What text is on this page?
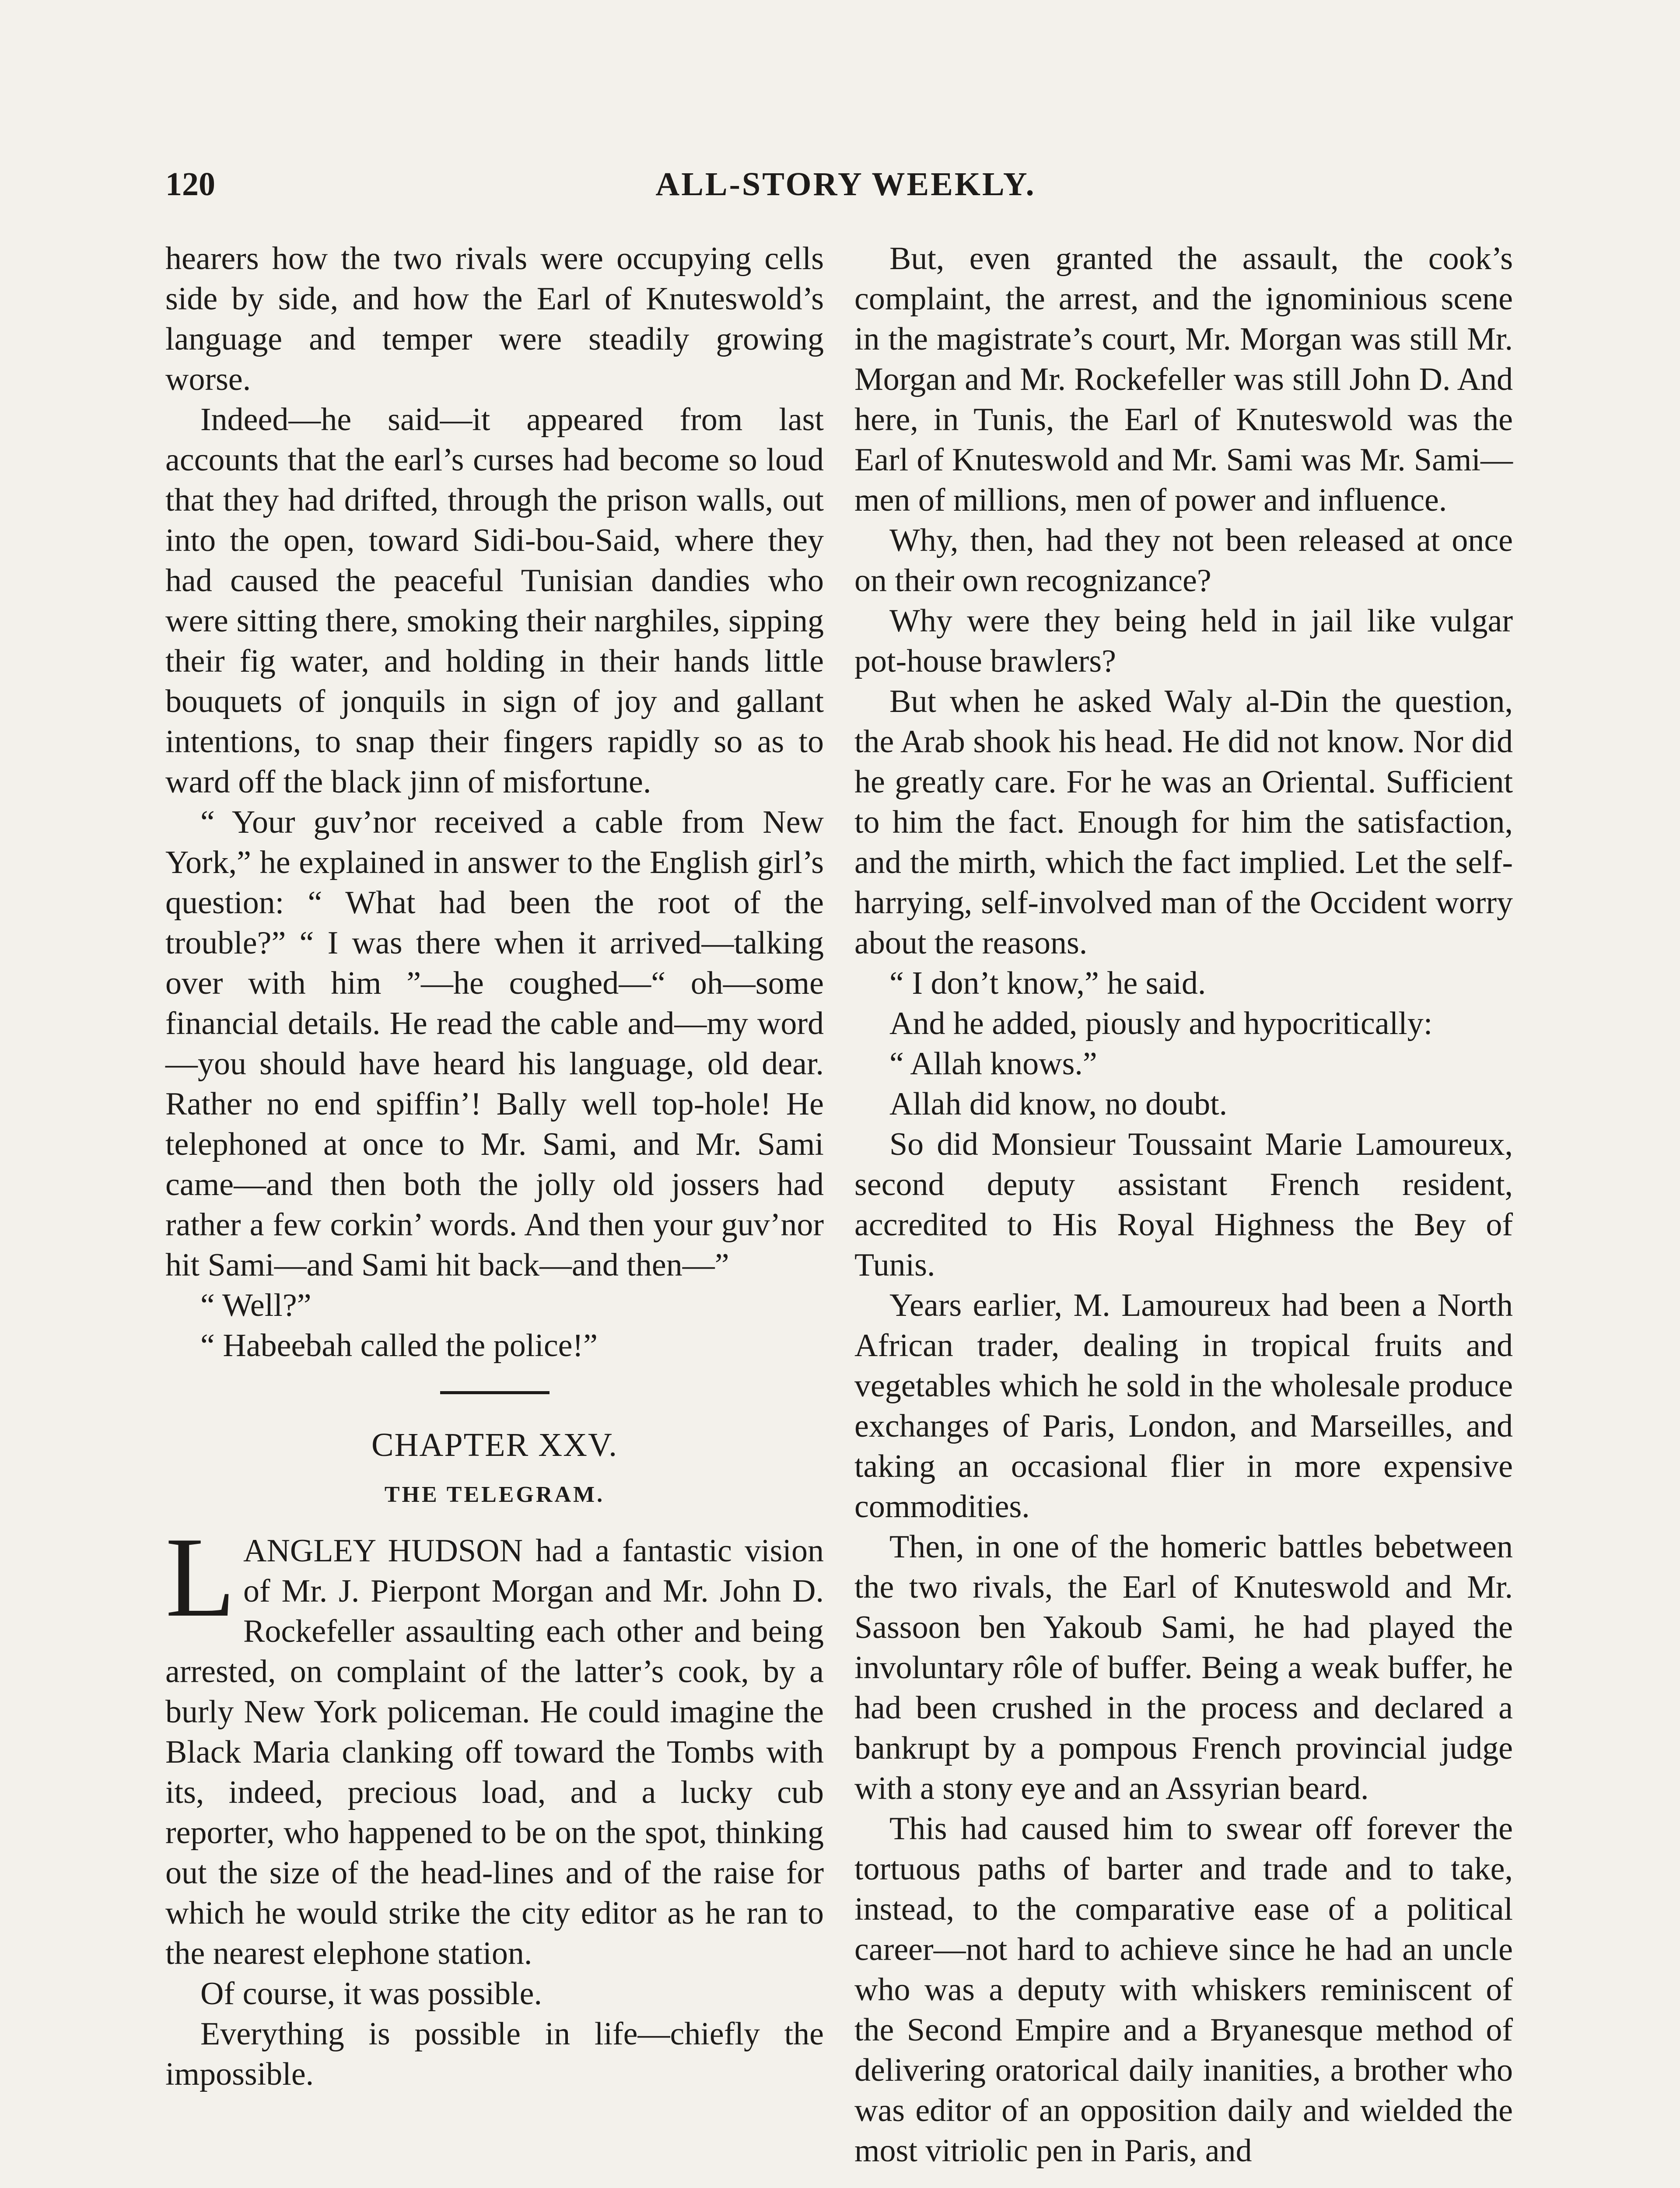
120	ALL-STORY WEEKLY.

hearers how the two rivals were occupying cells side by side, and how the Earl of Knuteswold’s language and temper were steadily growing worse.

Indeed—he said—it appeared from last accounts that the earl’s curses had become so loud that they had drifted, through the prison walls, out into the open, toward Sidi-bou-Said, where they had caused the peaceful Tunisian dandies who were sitting there, smoking their narghiles, sipping their fig water, and holding in their hands little bouquets of jonquils in sign of joy and gallant intentions, to snap their fingers rapidly so as to ward off the black jinn of misfortune.

“ Your guv’nor received a cable from New York,” he explained in answer to the English girl’s question: “ What had been the root of the trouble?” “ I was there when it arrived—talking over with him ”—he coughed—“ oh—some financial details. He read the cable and—my word—you should have heard his language, old dear. Rather no end spiffin’! Bally well top-hole! He telephoned at once to Mr. Sami, and Mr. Sami came—and then both the jolly old jossers had rather a few corkin’ words. And then your guv’nor hit Sami—and Sami hit back—and then—”

“ Well?”

“ Habeebah called the police!”

CHAPTER XXV.
THE TELEGRAM.

LANGLEY HUDSON had a fantastic vision of Mr. J. Pierpont Morgan and Mr. John D. Rockefeller assaulting each other and being arrested, on complaint of the latter’s cook, by a burly New York policeman. He could imagine the Black Maria clanking off toward the Tombs with its, indeed, precious load, and a lucky cub reporter, who happened to be on the spot, thinking out the size of the head-lines and of the raise for which he would strike the city editor as he ran to the nearest elephone station.

Of course, it was possible.

Everything is possible in life—chiefly the impossible.

But, even granted the assault, the cook’s complaint, the arrest, and the ignominious scene in the magistrate’s court, Mr. Morgan was still Mr. Morgan and Mr. Rockefeller was still John D. And here, in Tunis, the Earl of Knuteswold was the Earl of Knuteswold and Mr. Sami was Mr. Sami—men of millions, men of power and influence.

Why, then, had they not been released at once on their own recognizance?

Why were they being held in jail like vulgar pot-house brawlers?

But when he asked Waly al-Din the question, the Arab shook his head. He did not know. Nor did he greatly care. For he was an Oriental. Sufficient to him the fact. Enough for him the satisfaction, and the mirth, which the fact implied. Let the self-harrying, self-involved man of the Occident worry about the reasons.

“ I don’t know,” he said.

And he added, piously and hypocritically:

“ Allah knows.”

Allah did know, no doubt.

So did Monsieur Toussaint Marie Lamoureux, second deputy assistant French resident, accredited to His Royal Highness the Bey of Tunis.

Years earlier, M. Lamoureux had been a North African trader, dealing in tropical fruits and vegetables which he sold in the wholesale produce exchanges of Paris, London, and Marseilles, and taking an occasional flier in more expensive commodities.

Then, in one of the homeric battles bebetween the two rivals, the Earl of Knuteswold and Mr. Sassoon ben Yakoub Sami, he had played the involuntary rôle of buffer. Being a weak buffer, he had been crushed in the process and declared a bankrupt by a pompous French provincial judge with a stony eye and an Assyrian beard.

This had caused him to swear off forever the tortuous paths of barter and trade and to take, instead, to the comparative ease of a political career—not hard to achieve since he had an uncle who was a deputy with whiskers reminiscent of the Second Empire and a Bryanesque method of delivering oratorical daily inanities, a brother who was editor of an opposition daily and wielded the most vitriolic pen in Paris, and
